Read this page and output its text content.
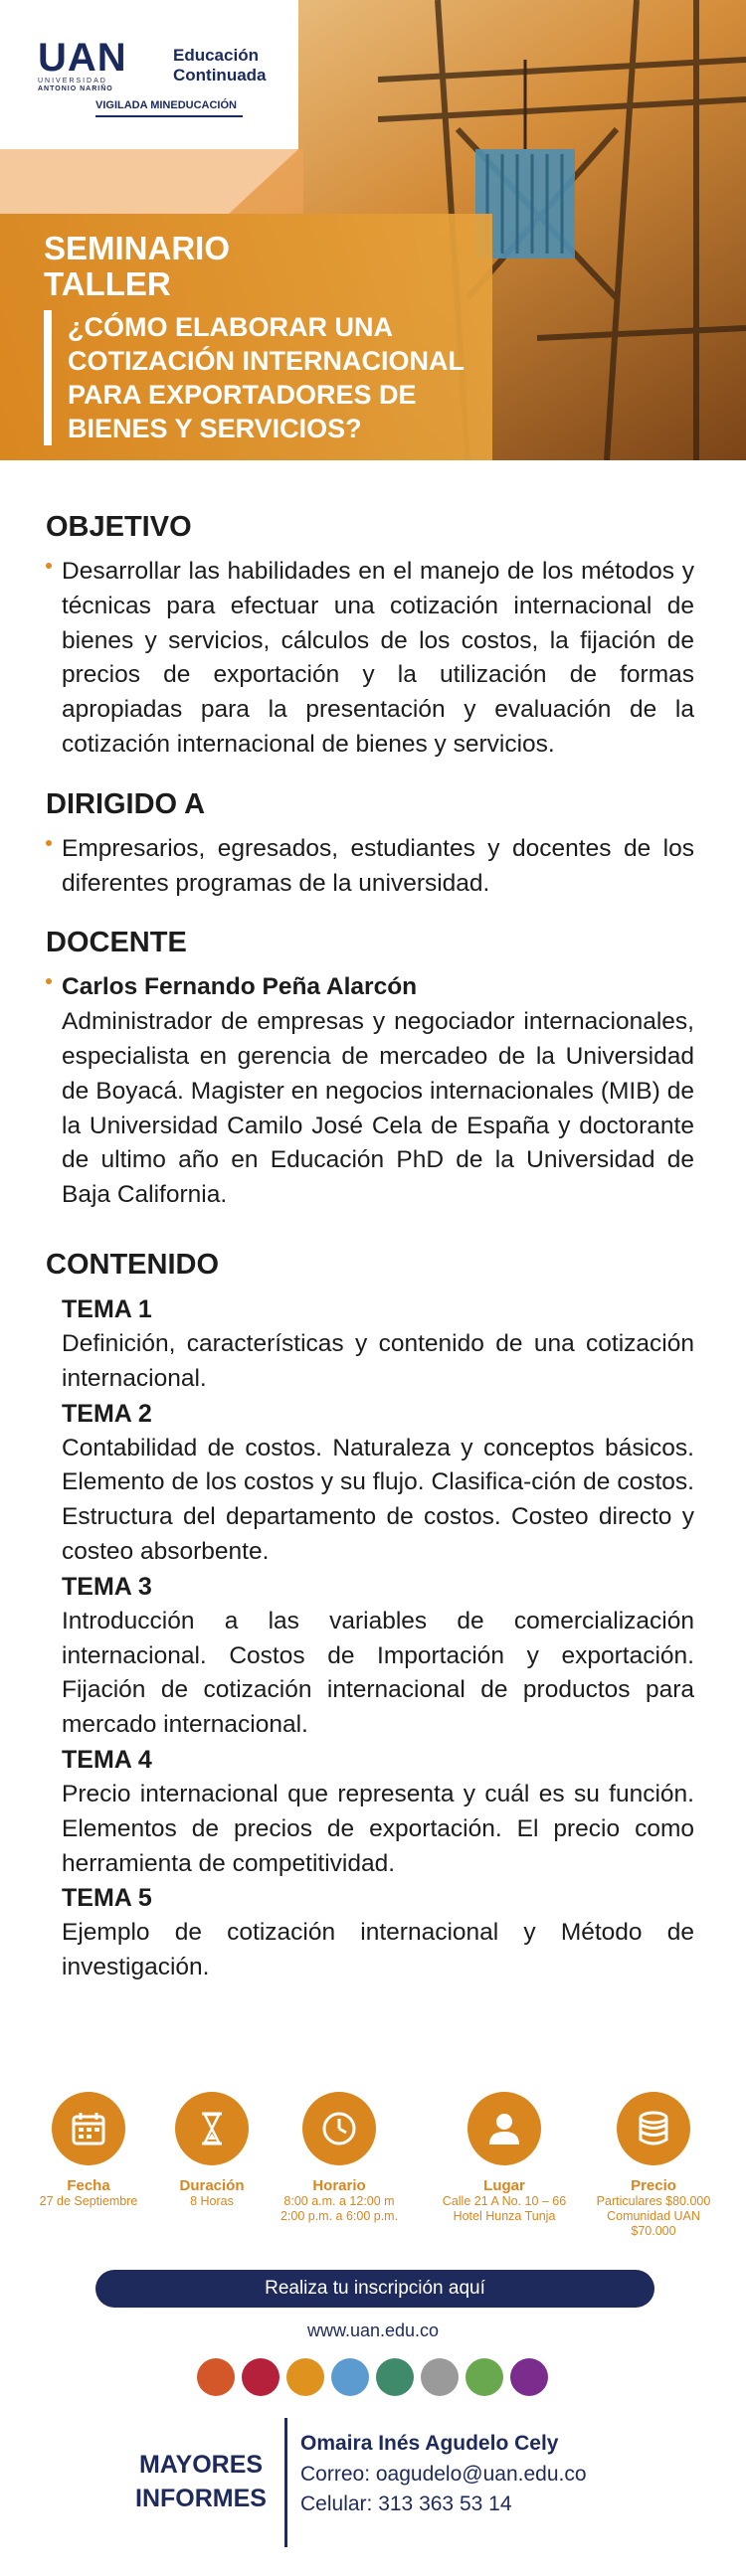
UAN
UNIVERSIDAD
ANTONIO NARIÑO
Educación
Continuada
VIGILADA MINEDUCACIÓN
SEMINARIO
TALLER
¿CÓMO ELABORAR UNA
COTIZACIÓN INTERNACIONAL
PARA EXPORTADORES DE
BIENES Y SERVICIOS?
OBJETIVO

Desarrollar las habilidades en el manejo de los métodos y técnicas para efectuar una cotización internacional de bienes y servicios, cálculos de los costos, la fijación de precios de exportación y la utilización de formas apropiadas para la presentación y evaluación de la cotización internacional de bienes y servicios.

DIRIGIDO A

Empresarios, egresados, estudiantes y docentes de los diferentes programas de la universidad.

DOCENTE

Carlos Fernando Peña Alarcón
Administrador de empresas y negociador internacionales, especialista en gerencia de mercadeo de la Universidad de Boyacá. Magister en negocios internacionales (MIB) de la Universidad Camilo José Cela de España y doctorante de ultimo año en Educación PhD de la Universidad de Baja California.

CONTENIDO
TEMA 1
Definición, características y contenido de una cotización internacional.
TEMA 2
Contabilidad de costos. Naturaleza y conceptos básicos. Elemento de los costos y su flujo. Clasifica-ción de costos. Estructura del departamento de costos. Costeo directo y costeo absorbente.
TEMA 3
Introducción a las variables de comercialización internacional. Costos de Importación y exportación. Fijación de cotización internacional de productos para mercado internacional.
TEMA 4
Precio internacional que representa y cuál es su función. Elementos de precios de exportación. El precio como herramienta de competitividad.
TEMA 5
Ejemplo de cotización internacional y Método de investigación.
Fecha
27 de Septiembre
Duración
8 Horas
Horario
8:00 a.m. a 12:00 m
2:00 p.m. a 6:00 p.m.
Lugar
Calle 21 A No. 10 – 66
Hotel Hunza Tunja
Precio
Particulares $80.000
Comunidad UAN $70.000
Realiza tu inscripción aquí
www.uan.edu.co
MAYORES
INFORMES
Omaira Inés Agudelo Cely
Correo: oagudelo@uan.edu.co
Celular: 313 363 53 14
